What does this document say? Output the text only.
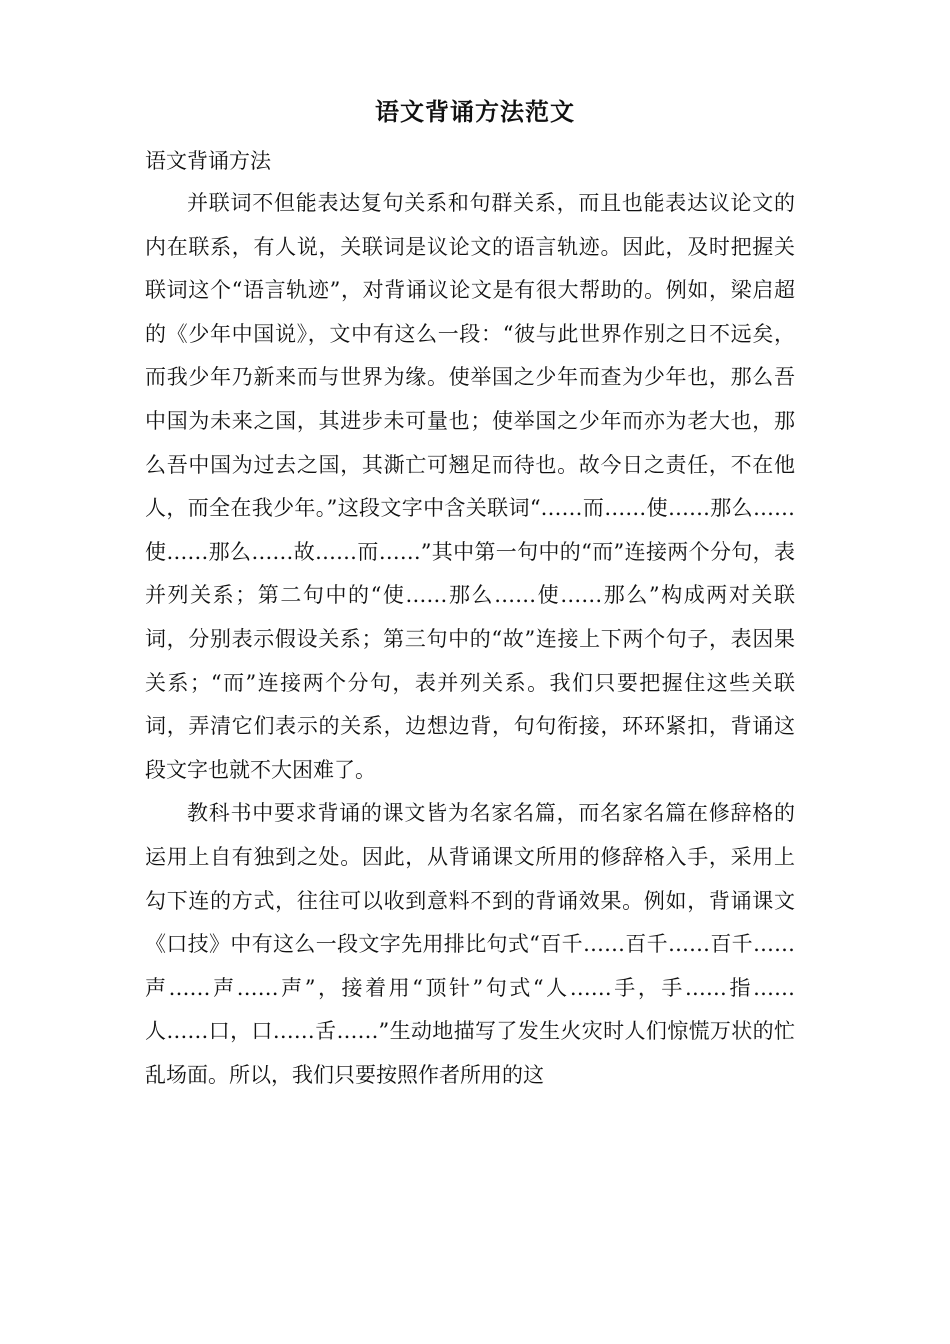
语文背诵方法范文
语文背诵方法

并联词不但能表达复句关系和句群关系，而且也能表达议论文的内在联系，有人说，关联词是议论文的语言轨迹。因此，及时把握关联词这个“语言轨迹”，对背诵议论文是有很大帮助的。例如，梁启超的《少年中国说》，文中有这么一段：“彼与此世界作别之日不远矣，而我少年乃新来而与世界为缘。使举国之少年而查为少年也，那么吾中国为未来之国，其进步未可量也；使举国之少年而亦为老大也，那么吾中国为过去之国，其澌亡可翘足而待也。故今日之责任，不在他人，而全在我少年。”这段文字中含关联词“……而……使……那么……使……那么……故……而……”其中第一句中的“而”连接两个分句，表并列关系；第二句中的“使……那么……使……那么”构成两对关联词，分别表示假设关系；第三句中的“故”连接上下两个句子，表因果关系；“而”连接两个分句，表并列关系。我们只要把握住这些关联词，弄清它们表示的关系，边想边背，句句衔接，环环紧扣，背诵这段文字也就不大困难了。

教科书中要求背诵的课文皆为名家名篇，而名家名篇在修辞格的运用上自有独到之处。因此，从背诵课文所用的修辞格入手，采用上勾下连的方式，往往可以收到意料不到的背诵效果。例如，背诵课文《口技》中有这么一段文字先用排比句式“百千……百千……百千……声……声……声”，接着用“顶针”句式“人……手，手……指……人……口，口……舌……”生动地描写了发生火灾时人们惊慌万状的忙乱场面。所以，我们只要按照作者所用的这
